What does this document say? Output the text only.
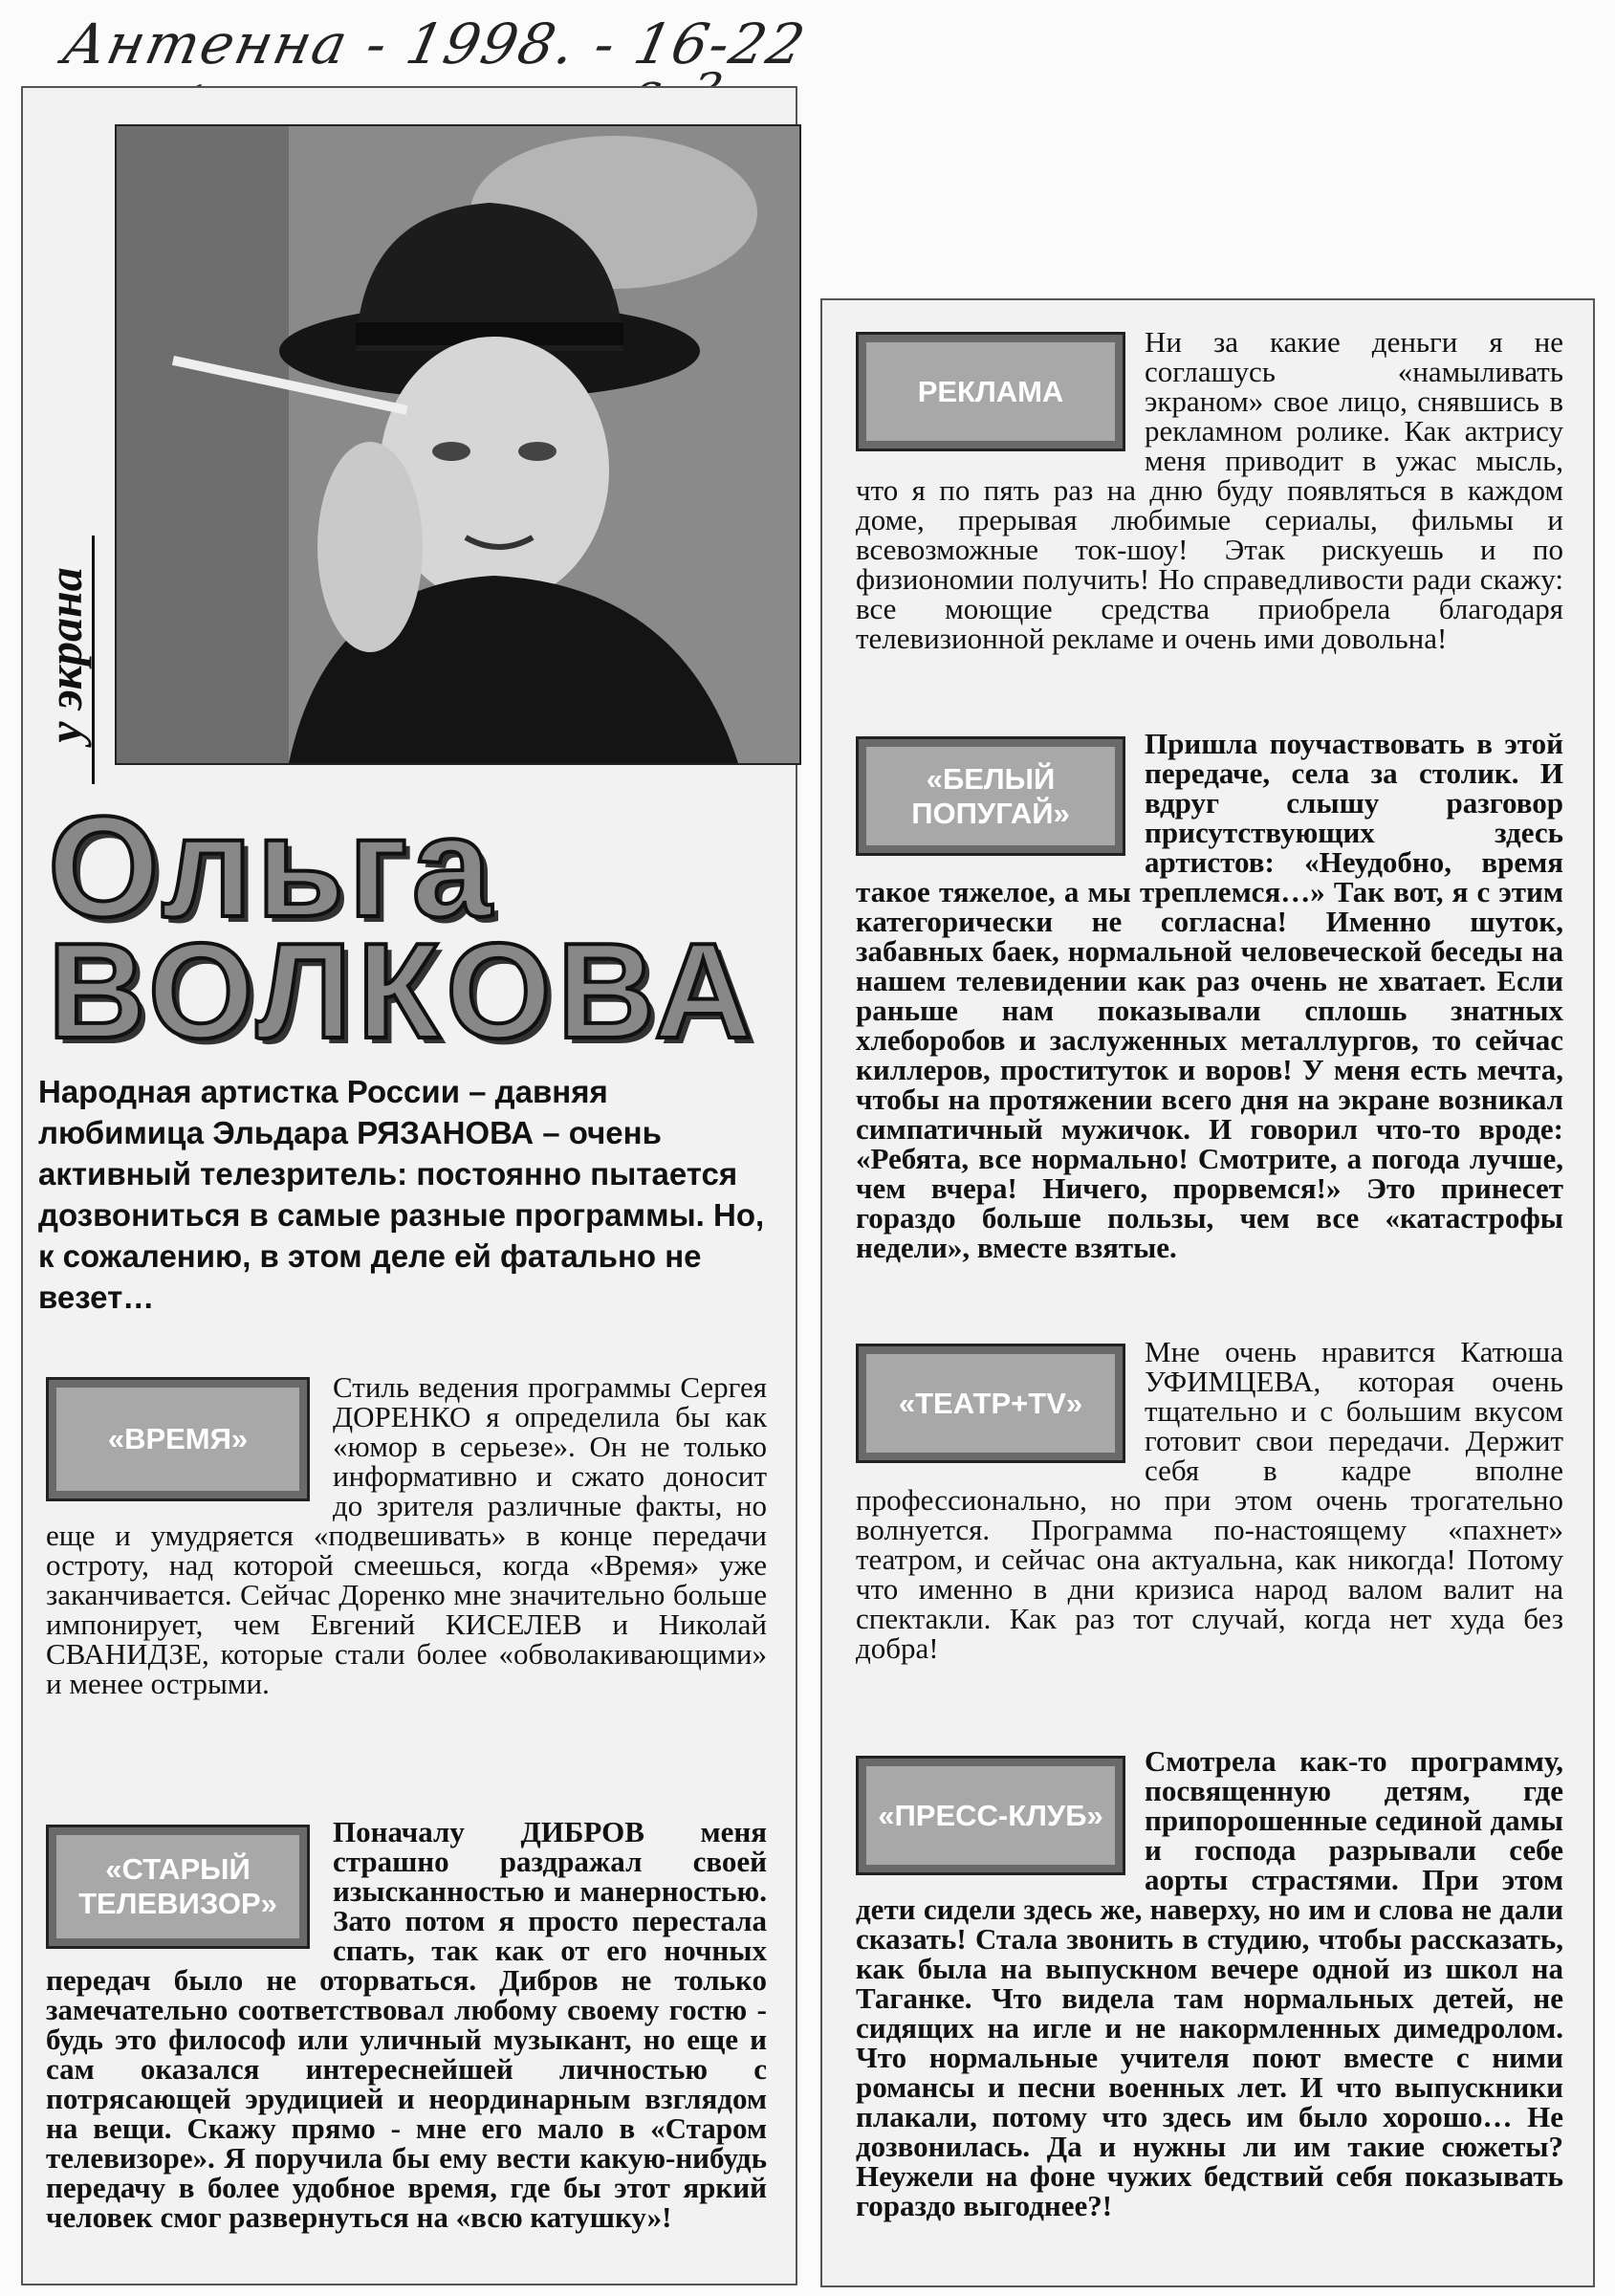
Антенна - 1998. - 16-22
у экрана
Ольга
ВОЛКОВА
Народная артистка России – давняя любимица Эльдара РЯЗАНОВА – очень активный телезритель: постоянно пытается дозвониться в самые разные программы. Но, к сожалению, в этом деле ей фатально не везет…
«ВРЕМЯ»

Стиль ведения программы Сергея ДОРЕНКО я определила бы как «юмор в серьезе». Он не только информативно и сжато доносит до зрителя различные факты, но еще и умудряется «подвешивать» в конце передачи остроту, над которой смеешься, когда «Время» уже заканчивается. Сейчас Доренко мне значительно больше импонирует, чем Евгений КИСЕЛЕВ и Николай СВАНИДЗЕ, которые стали более «обволакивающими» и менее острыми.

«СТАРЫЙ ТЕЛЕВИЗОР»

Поначалу ДИБРОВ меня страшно раздражал своей изысканностью и манерностью. Зато потом я просто перестала спать, так как от его ночных передач было не оторваться. Дибров не только замечательно соответствовал любому своему гостю - будь это философ или уличный музыкант, но еще и сам оказался интереснейшей личностью с потрясающей эрудицией и неординарным взглядом на вещи. Скажу прямо - мне его мало в «Старом телевизоре». Я поручила бы ему вести какую-нибудь передачу в более удобное время, где бы этот яркий человек смог развернуться на «всю катушку»!

РЕКЛАМА

Ни за какие деньги я не соглашусь «намыливать экраном» свое лицо, снявшись в рекламном ролике. Как актрису меня приводит в ужас мысль, что я по пять раз на дню буду появляться в каждом доме, прерывая любимые сериалы, фильмы и всевозможные ток-шоу! Этак рискуешь и по физиономии получить! Но справедливости ради скажу: все моющие средства приобрела благодаря телевизионной рекламе и очень ими довольна!

«БЕЛЫЙ ПОПУГАЙ»

Пришла поучаствовать в этой передаче, села за столик. И вдруг слышу разговор присутствующих здесь артистов: «Неудобно, время такое тяжелое, а мы треплемся…» Так вот, я с этим категорически не согласна! Именно шуток, забавных баек, нормальной человеческой беседы на нашем телевидении как раз очень не хватает. Если раньше нам показывали сплошь знатных хлеборобов и заслуженных металлургов, то сейчас киллеров, проституток и воров! У меня есть мечта, чтобы на протяжении всего дня на экране возникал симпатичный мужичок. И говорил что-то вроде: «Ребята, все нормально! Смотрите, а погода лучше, чем вчера! Ничего, прорвемся!» Это принесет гораздо больше пользы, чем все «катастрофы недели», вместе взятые.

«ТЕАТР+TV»

Мне очень нравится Катюша УФИМЦЕВА, которая очень тщательно и с большим вкусом готовит свои передачи. Держит себя в кадре вполне профессионально, но при этом очень трогательно волнуется. Программа по-настоящему «пахнет» театром, и сейчас она актуальна, как никогда! Потому что именно в дни кризиса народ валом валит на спектакли. Как раз тот случай, когда нет худа без добра!

«ПРЕСС-КЛУБ»

Смотрела как-то программу, посвященную детям, где припорошенные сединой дамы и господа разрывали себе аорты страстями. При этом дети сидели здесь же, наверху, но им и слова не дали сказать! Стала звонить в студию, чтобы рассказать, как была на выпускном вечере одной из школ на Таганке. Что видела там нормальных детей, не сидящих на игле и не накормленных димедролом. Что нормальные учителя поют вместе с ними романсы и песни военных лет. И что выпускники плакали, потому что здесь им было хорошо… Не дозвонилась. Да и нужны ли им такие сюжеты? Неужели на фоне чужих бедствий себя показывать гораздо выгоднее?!
